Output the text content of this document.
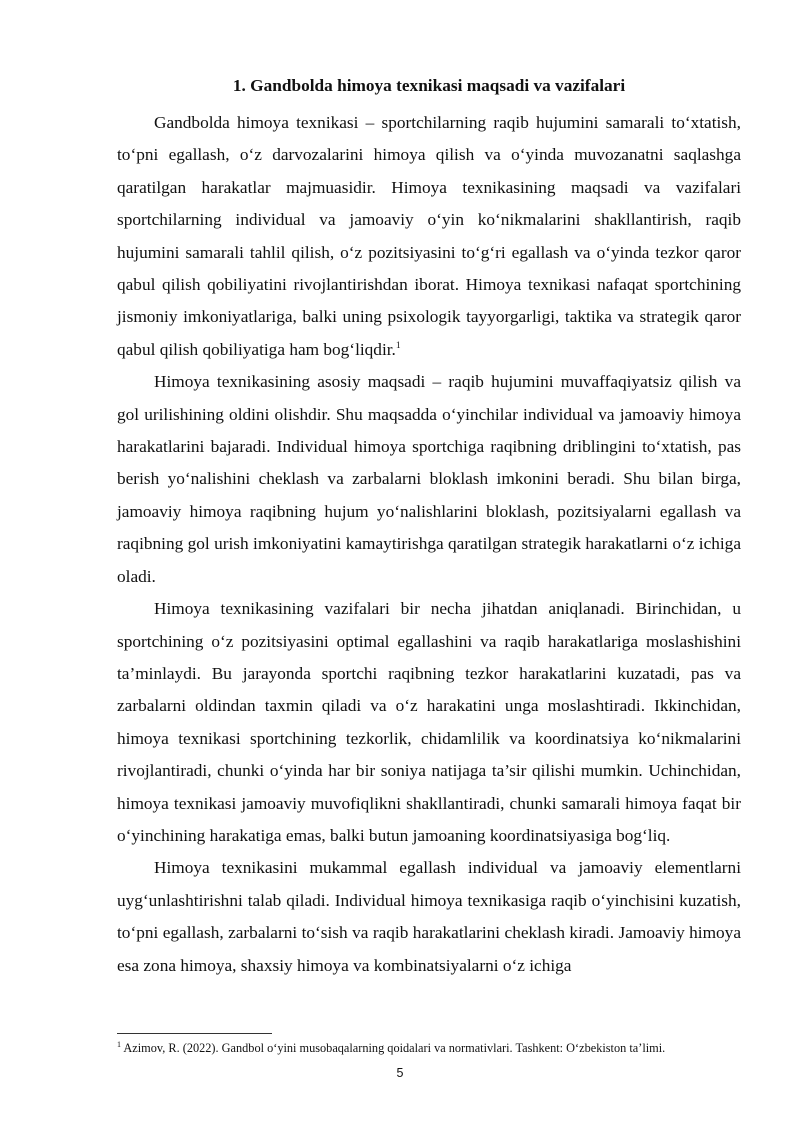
1. Gandbolda himoya texnikasi maqsadi va vazifalari

Gandbolda himoya texnikasi – sportchilarning raqib hujumini samarali to‘xtatish, to‘pni egallash, o‘z darvozalarini himoya qilish va o‘yinda muvozanatni saqlashga qaratilgan harakatlar majmuasidir. Himoya texnikasining maqsadi va vazifalari sportchilarning individual va jamoaviy o‘yin ko‘nikmalarini shakllantirish, raqib hujumini samarali tahlil qilish, o‘z pozitsiyasini to‘g‘ri egallash va o‘yinda tezkor qaror qabul qilish qobiliyatini rivojlantirishdan iborat. Himoya texnikasi nafaqat sportchining jismoniy imkoniyatlariga, balki uning psixologik tayyorgarligi, taktika va strategik qaror qabul qilish qobiliyatiga ham bog‘liqdir.$^1$

Himoya texnikasining asosiy maqsadi – raqib hujumini muvaffaqiyatsiz qilish va gol urilishining oldini olishdir. Shu maqsadda o‘yinchilar individual va jamoaviy himoya harakatlarini bajaradi. Individual himoya sportchiga raqibning driblingini to‘xtatish, pas berish yo‘nalishini cheklash va zarbalarni bloklash imkonini beradi. Shu bilan birga, jamoaviy himoya raqibning hujum yo‘nalishlarini bloklash, pozitsiyalarni egallash va raqibning gol urish imkoniyatini kamaytirishga qaratilgan strategik harakatlarni o‘z ichiga oladi.

Himoya texnikasining vazifalari bir necha jihatdan aniqlanadi. Birinchidan, u sportchining o‘z pozitsiyasini optimal egallashini va raqib harakatlariga moslashishini ta’minlaydi. Bu jarayonda sportchi raqibning tezkor harakatlarini kuzatadi, pas va zarbalarni oldindan taxmin qiladi va o‘z harakatini unga moslashtiradi. Ikkinchidan, himoya texnikasi sportchining tezkorlik, chidamlilik va koordinatsiya ko‘nikmalarini rivojlantiradi, chunki o‘yinda har bir soniya natijaga ta’sir qilishi mumkin. Uchinchidan, himoya texnikasi jamoaviy muvofiqlikni shakllantiradi, chunki samarali himoya faqat bir o‘yinchining harakatiga emas, balki butun jamoaning koordinatsiyasiga bog‘liq.

Himoya texnikasini mukammal egallash individual va jamoaviy elementlarni uyg‘unlashtirishni talab qiladi. Individual himoya texnikasiga raqib o‘yinchisini kuzatish, to‘pni egallash, zarbalarni to‘sish va raqib harakatlarini cheklash kiradi. Jamoaviy himoya esa zona himoya, shaxsiy himoya va kombinatsiyalarni o‘z ichiga

$^1$ Azimov, R. (2022). Gandbol o‘yini musobaqalarning qoidalari va normativlari. Tashkent: O‘zbekiston ta’limi.
5
